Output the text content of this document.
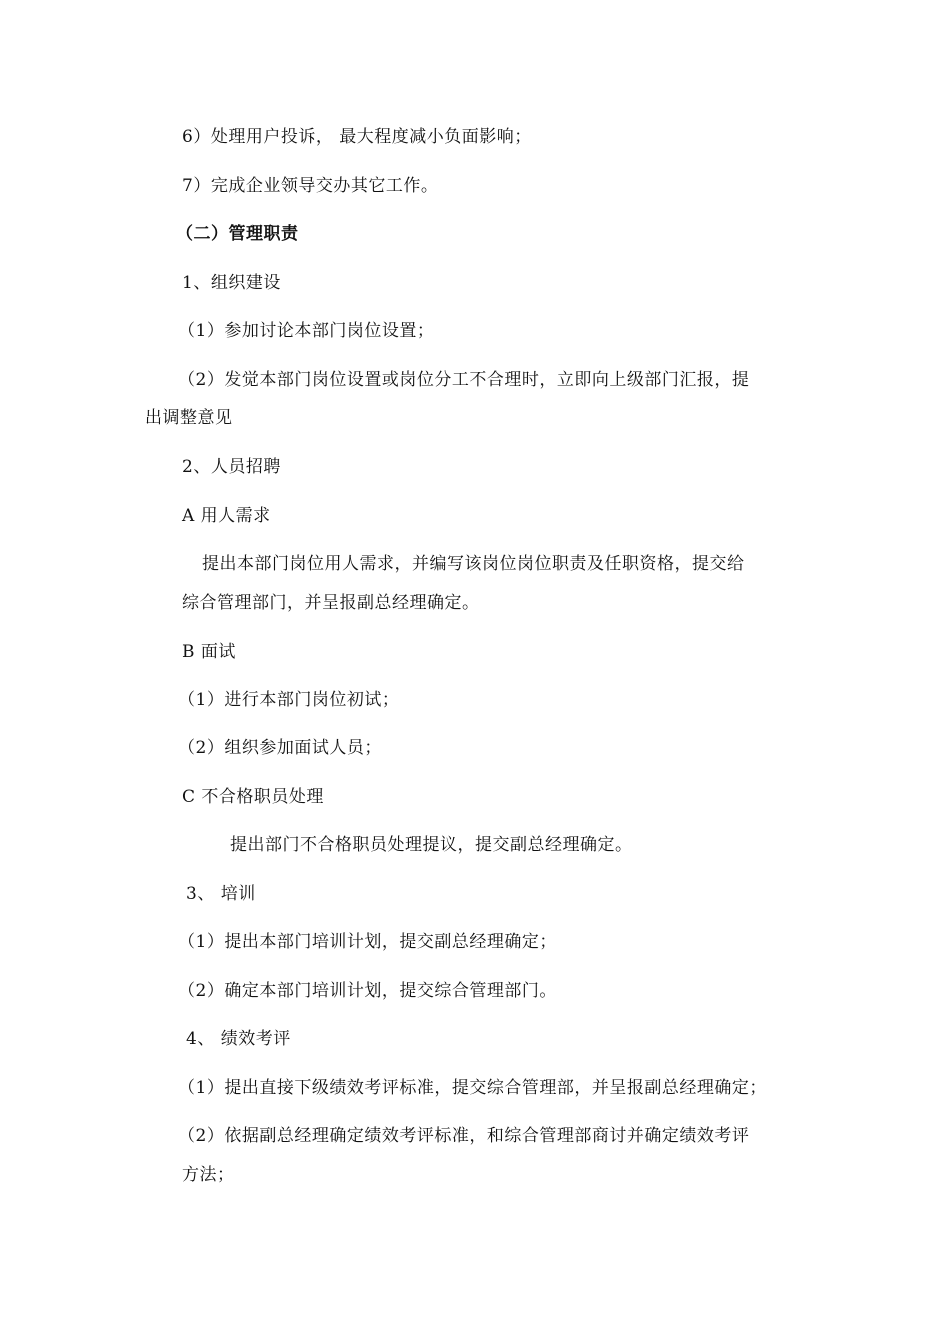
6）处理用户投诉， 最大程度减小负面影响；
7）完成企业领导交办其它工作。
（二）管理职责
1、组织建设
（1）参加讨论本部门岗位设置；
（2）发觉本部门岗位设置或岗位分工不合理时，立即向上级部门汇报，提
出调整意见
2、人员招聘
A 用人需求
提出本部门岗位用人需求，并编写该岗位岗位职责及任职资格，提交给
综合管理部门，并呈报副总经理确定。
B 面试
（1）进行本部门岗位初试；
（2）组织参加面试人员；
C 不合格职员处理
提出部门不合格职员处理提议，提交副总经理确定。
3、 培训
（1）提出本部门培训计划，提交副总经理确定；
（2）确定本部门培训计划，提交综合管理部门。
4、 绩效考评
（1）提出直接下级绩效考评标准，提交综合管理部，并呈报副总经理确定；
（2）依据副总经理确定绩效考评标准，和综合管理部商讨并确定绩效考评
方法；
